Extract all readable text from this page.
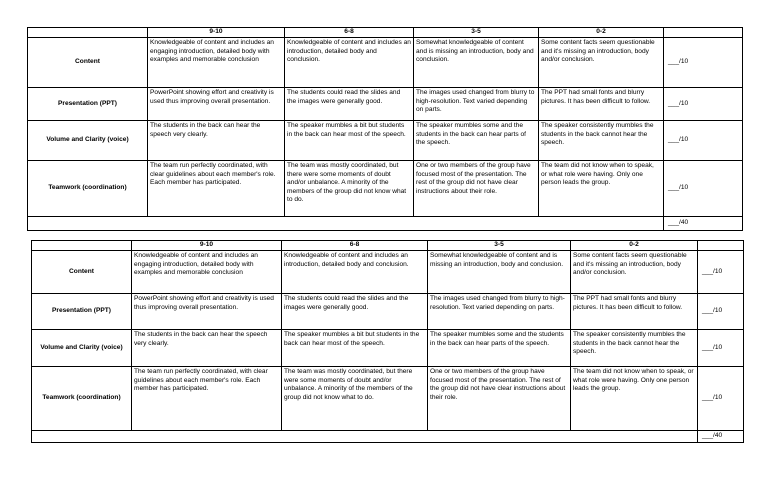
	9-10	6-8	3-5	0-2	
Content	Knowledgeable of content and includes an engaging introduction, detailed body with examples and memorable conclusion	Knowledgeable of content and includes an introduction, detailed body and conclusion.	Somewhat knowledgeable of content and is missing an introduction, body and conclusion.	Some content facts seem questionable and it's missing an introduction, body and/or conclusion.	___/10
Presentation (PPT)	PowerPoint showing effort and creativity is used thus improving overall presentation.	The students could read the slides and the images were generally good.	The images used changed from blurry to high-resolution. Text varied depending on parts.	The PPT had small fonts and blurry pictures. It has been difficult to follow.	___/10
Volume and Clarity (voice)	The students in the back can hear the speech very clearly.	The speaker mumbles a bit but students in the back can hear most of the speech.	The speaker mumbles some and the students in the back can hear parts of the speech.	The speaker consistently mumbles the students in the back cannot hear the speech.	___/10
Teamwork (coordination)	The team run perfectly coordinated, with clear guidelines about each member's role. Each member has participated.	The team was mostly coordinated, but there were some moments of doubt and/or unbalance. A minority of the members of the group did not know what to do.	One or two members of the group have focused most of the presentation. The rest of the group did not have clear instructions about their role.	The team did not know when to speak, or what role were having. Only one person leads the group.	___/10
					___/40
	9-10	6-8	3-5	0-2	
Content	Knowledgeable of content and includes an engaging introduction, detailed body with examples and memorable conclusion	Knowledgeable of content and includes an introduction, detailed body and conclusion.	Somewhat knowledgeable of content and is missing an introduction, body and conclusion.	Some content facts seem questionable and it's missing an introduction, body and/or conclusion.	___/10
Presentation (PPT)	PowerPoint showing effort and creativity is used thus improving overall presentation.	The students could read the slides and the images were generally good.	The images used changed from blurry to high-resolution. Text varied depending on parts.	The PPT had small fonts and blurry pictures. It has been difficult to follow.	___/10
Volume and Clarity (voice)	The students in the back can hear the speech very clearly.	The speaker mumbles a bit but students in the back can hear most of the speech.	The speaker mumbles some and the students in the back can hear parts of the speech.	The speaker consistently mumbles the students in the back cannot hear the speech.	___/10
Teamwork (coordination)	The team run perfectly coordinated, with clear guidelines about each member's role. Each member has participated.	The team was mostly coordinated, but there were some moments of doubt and/or unbalance. A minority of the members of the group did not know what to do.	One or two members of the group have focused most of the presentation. The rest of the group did not have clear instructions about their role.	The team did not know when to speak, or what role were having. Only one person leads the group.	___/10
					___/40
